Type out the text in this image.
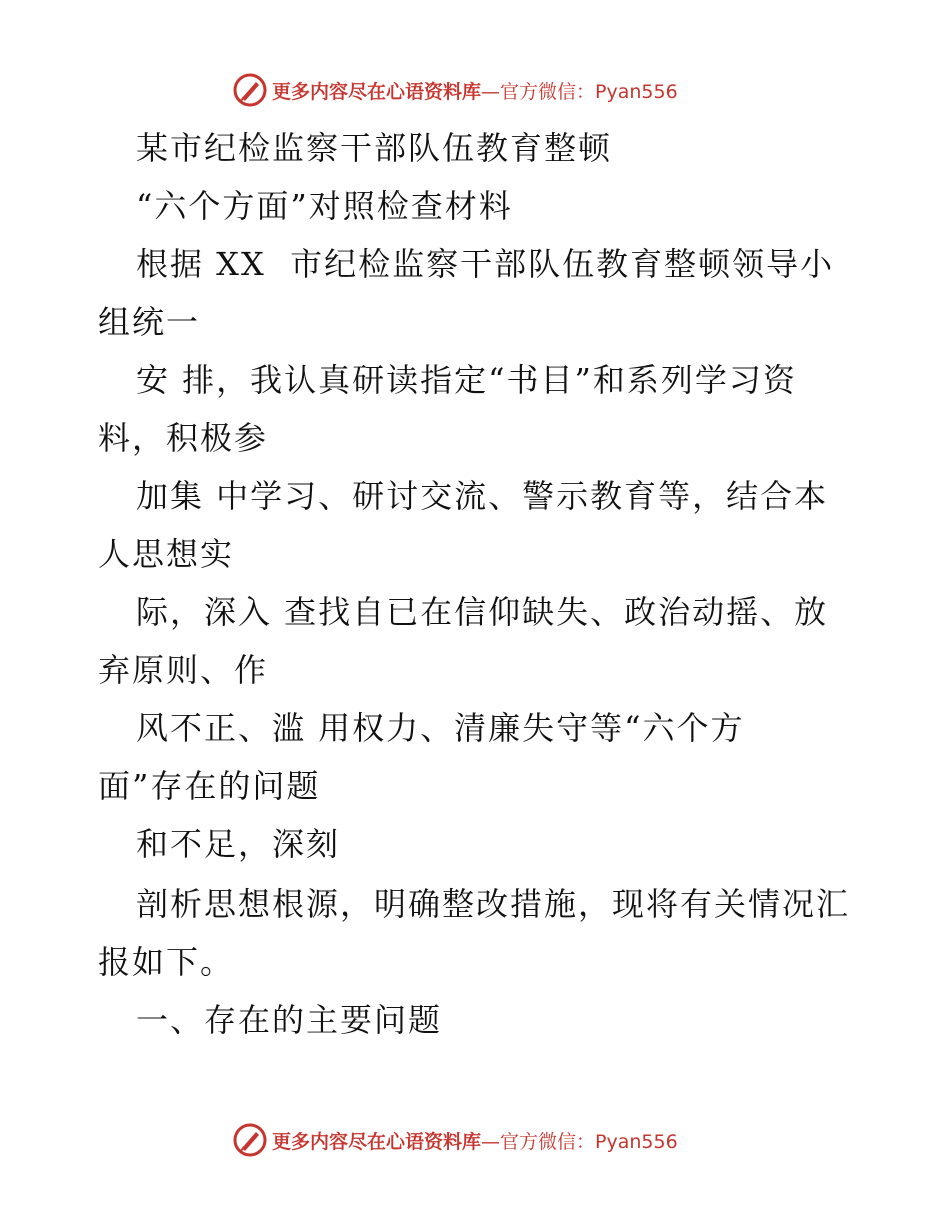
更多内容尽在心语资料库 —官方微信：Pyan556
某市纪检监察干部队伍教育整顿
“六个方面”对照检查材料
根据 XX  市纪检监察干部队伍教育整顿领导小
组统一
安 排，我认真研读指定“书目”和系列学习资
料，积极参
加集 中学习、研讨交流、警示教育等，结合本
人思想实
际，深入 查找自已在信仰缺失、政治动摇、放
弃原则、作
风不正、滥 用权力、清廉失守等“六个方
面”存在的问题
和不足，深刻
剖析思想根源，明确整改措施，现将有关情况汇
报如下。
一、存在的主要问题
更多内容尽在心语资料库 —官方微信：Pyan556
